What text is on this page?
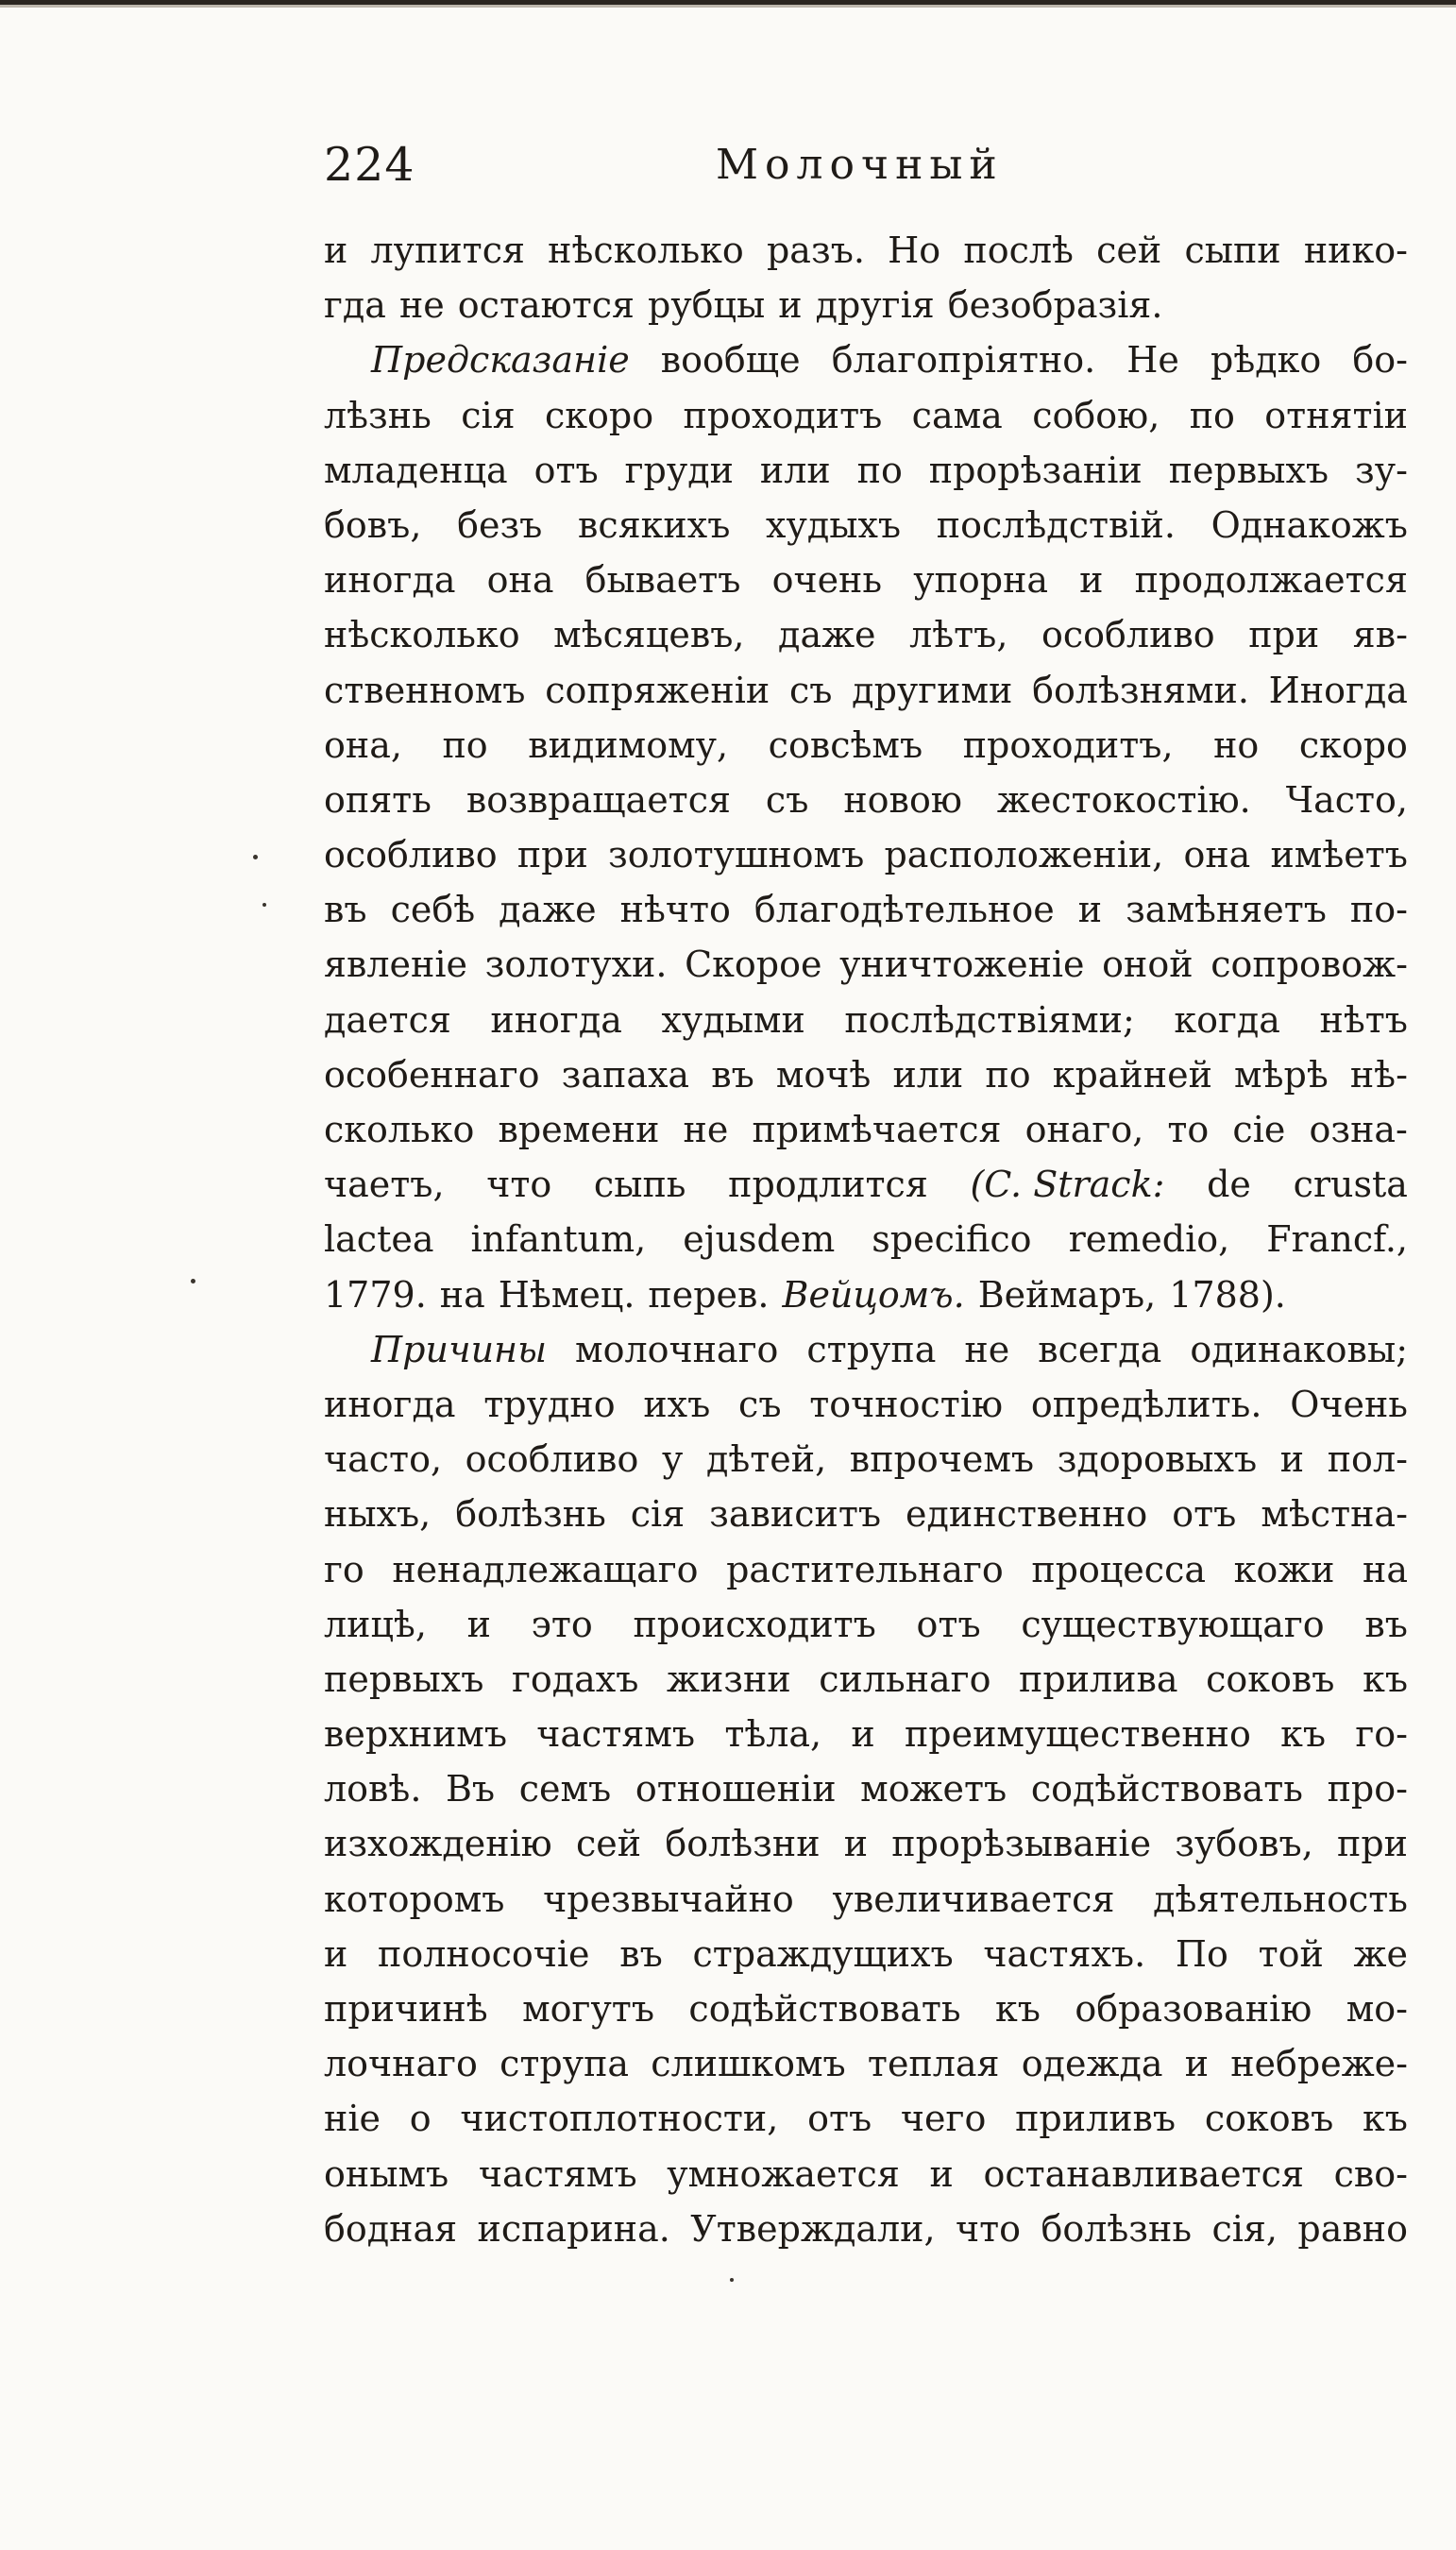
224	Молочный
и лупится нѣсколько разъ. Но послѣ сей сыпи нико-
гда не остаются рубцы и другія безобразія.
Предсказаніе вообще благопріятно. Не рѣдко бо-
лѣзнь сія скоро проходитъ сама собою, по отнятіи
младенца отъ груди или по прорѣзаніи первыхъ зу-
бовъ, безъ всякихъ худыхъ послѣдствій. Однакожъ
иногда она бываетъ очень упорна и продолжается
нѣсколько мѣсяцевъ, даже лѣтъ, особливо при яв-
ственномъ сопряженіи съ другими болѣзнями. Иногда
она, по видимому, совсѣмъ проходитъ, но скоро
опять возвращается съ новою жестокостію. Часто,
особливо при золотушномъ расположеніи, она имѣетъ
въ себѣ даже нѣчто благодѣтельное и замѣняетъ по-
явленіе золотухи. Скорое уничтоженіе оной сопровож-
дается иногда худыми послѣдствіями; когда нѣтъ
особеннаго запаха въ мочѣ или по крайней мѣрѣ нѣ-
сколько времени не примѣчается онаго, то сіе озна-
чаетъ, что сыпь продлится (C. Strack: de crusta
lactea infantum, ejusdem specifico remedio, Francf.,
1779. на Нѣмец. перев. Вейцомъ. Веймаръ, 1788).
Причины молочнаго струпа не всегда одинаковы;
иногда трудно ихъ съ точностію опредѣлить. Очень
часто, особливо у дѣтей, впрочемъ здоровыхъ и пол-
ныхъ, болѣзнь сія зависитъ единственно отъ мѣстна-
го ненадлежащаго растительнаго процесса кожи на
лицѣ, и это происходитъ отъ существующаго въ
первыхъ годахъ жизни сильнаго прилива соковъ къ
верхнимъ частямъ тѣла, и преимущественно къ го-
ловѣ. Въ семъ отношеніи можетъ содѣйствовать про-
изхожденію сей болѣзни и прорѣзываніе зубовъ, при
которомъ чрезвычайно увеличивается дѣятельность
и полносочіе въ страждущихъ частяхъ. По той же
причинѣ могутъ содѣйствовать къ образованію мо-
лочнаго струпа слишкомъ теплая одежда и небреже-
ніе о чистоплотности, отъ чего приливъ соковъ къ
онымъ частямъ умножается и останавливается сво-
бодная испарина. Утверждали, что болѣзнь сія, равно
